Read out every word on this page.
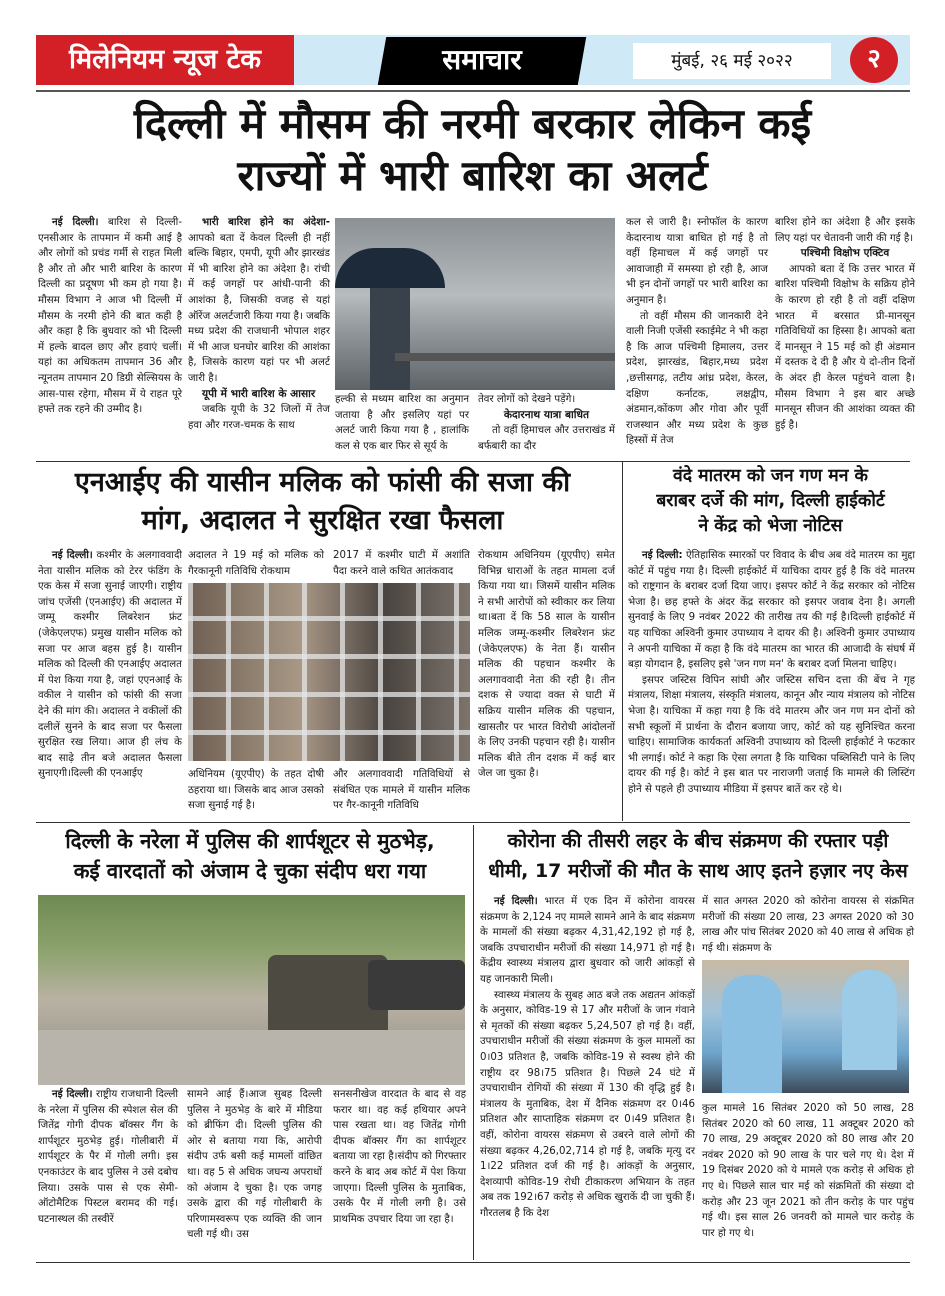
मिलेनियम न्यूज टेक	समाचार	मुंबई, २६ मई २०२२	२
दिल्ली में मौसम की नरमी बरकार लेकिन कई
राज्यों में भारी बारिश का अलर्ट

नई दिल्ली। बारिश से दिल्ली-एनसीआर के तापमान में कमी आई है और लोगों को प्रचंड गर्मी से राहत मिली है और तो और भारी बारिश के कारण दिल्ली का प्रदूषण भी कम हो गया है। मौसम विभाग ने आज भी दिल्ली में मौसम के नरमी होने की बात कही है और कहा है कि बुधवार को भी दिल्ली में हल्के बादल छाए और हवाएं चलीं। यहां का अधिकतम तापमान 36 और न्यूनतम तापमान 20 डिग्री सेल्सियस के आस-पास रहेगा, मौसम में ये राहत पूरे हफ्ते तक रहने की उम्मीद है।

भारी बारिश होने का अंदेशा- आपको बता दें केवल दिल्ली ही नहीं बल्कि बिहार, एमपी, यूपी और झारखंड में भी बारिश होने का अंदेशा है। रांची में कई जगहों पर आंधी-पानी की आशंका है, जिसकी वजह से यहां ऑरेंज अलर्टजारी किया गया है। जबकि मध्य प्रदेश की राजधानी भोपाल शहर में भी आज घनघोर बारिश की आशंका है, जिसके कारण यहां पर भी अलर्ट जारी है।

यूपी में भारी बारिश के आसार

जबकि यूपी के 32 जिलों में तेज हवा और गरज-चमक के साथ

हल्की से मध्यम बारिश का अनुमान जताया है और इसलिए यहां पर अलर्ट जारी किया गया है , हालांकि कल से एक बार फिर से सूर्य के

तेवर लोगों को देखने पड़ेंगे।

केदारनाथ यात्रा बाधित

तो वहीं हिमाचल और उत्तराखंड में बर्फबारी का दौर

कल से जारी है। स्नोफॉल के कारण केदारनाथ यात्रा बाधित हो गई है तो वहीं हिमाचल में कई जगहों पर आवाजाही में समस्या हो रही है, आज भी इन दोनों जगहों पर भारी बारिश का अनुमान है।

तो वहीं मौसम की जानकारी देने वाली निजी एजेंसी स्काईमेट ने भी कहा है कि आज पश्चिमी हिमालय, उत्तर प्रदेश, झारखंड, बिहार,मध्य प्रदेश ,छत्तीसगढ़, तटीय आंध्र प्रदेश, केरल, दक्षिण कर्नाटक, लक्षद्वीप, अंडमान,कोंकण और गोवा और पूर्वी राजस्थान और मध्य प्रदेश के कुछ हिस्सों में तेज

बारिश होने का अंदेशा है और इसके लिए यहां पर चेतावनी जारी की गई है।

पश्चिमी विक्षोभ एक्टिव

आपको बता दें कि उत्तर भारत में बारिश पश्चिमी विक्षोभ के सक्रिय होने के कारण हो रही है तो वहीं दक्षिण भारत में बरसात प्री-मानसून गतिविधियों का हिस्सा है। आपको बता दें मानसून ने 15 मई को ही अंडमान में दस्तक दे दी है और ये दो-तीन दिनों के अंदर ही केरल पहुंचने वाला है। मौसम विभाग ने इस बार अच्छे मानसून सीजन की आशंका व्यक्त की हुई है।

एनआईए की यासीन मलिक को फांसी की सजा की
मांग, अदालत ने सुरक्षित रखा फैसला

नई दिल्ली। कश्मीर के अलगाववादी नेता यासीन मलिक को टेरर फंडिंग के एक केस में सजा सुनाई जाएगी। राष्ट्रीय जांच एजेंसी (एनआईए) की अदालत में जम्मू कश्मीर लिबरेशन फ्रंट (जेकेएलएफ) प्रमुख यासीन मलिक को सजा पर आज बहस हुई है। यासीन मलिक को दिल्ली की एनआईए अदालत में पेश किया गया है, जहां एएनआई के वकील ने यासीन को फांसी की सजा देने की मांग की। अदालत ने वकीलों की दलीलें सुनने के बाद सजा पर फैसला सुरक्षित रख लिया। आज ही लंच के बाद साढ़े तीन बजे अदालत फैसला सुनाएगी।दिल्ली की एनआईए

अदालत ने 19 मई को मलिक को गैरकानूनी गतिविधि रोकथाम

2017 में कश्मीर घाटी में अशांति पैदा करने वाले कथित आतंकवाद

अधिनियम (यूएपीए) के तहत दोषी ठहराया था। जिसके बाद आज उसको सजा सुनाई गई है।

और अलगाववादी गतिविधियों से संबंधित एक मामले में यासीन मलिक पर गैर-कानूनी गतिविधि

रोकथाम अधिनियम (यूएपीए) समेत विभिन्न धाराओं के तहत मामला दर्ज किया गया था। जिसमें यासीन मलिक ने सभी आरोपों को स्वीकार कर लिया था।बता दें कि 58 साल के यासीन मलिक जम्मू-कश्मीर लिबरेशन फ्रंट (जेकेएलएफ) के नेता हैं। यासीन मलिक की पहचान कश्मीर के अलगाववादी नेता की रही है। तीन दशक से ज्यादा वक्त से घाटी में सक्रिय यासीन मलिक की पहचान, खासतौर पर भारत विरोधी आंदोलनों के लिए उनकी पहचान रही है। यासीन मलिक बीते तीन दशक में कई बार जेल जा चुका है।

वंदे मातरम को जन गण मन के
बराबर दर्जे की मांग, दिल्ली हाईकोर्ट
ने केंद्र को भेजा नोटिस

नई दिल्ली: ऐतिहासिक स्मारकों पर विवाद के बीच अब वंदे मातरम का मुद्दा कोर्ट में पहुंच गया है। दिल्ली हाईकोर्ट में याचिका दायर हुई है कि वंदे मातरम को राष्ट्रगान के बराबर दर्जा दिया जाए। इसपर कोर्ट ने केंद्र सरकार को नोटिस भेजा है। छह हफ्ते के अंदर केंद्र सरकार को इसपर जवाब देना है। अगली सुनवाई के लिए 9 नवंबर 2022 की तारीख तय की गई है।दिल्ली हाईकोर्ट में यह याचिका अश्विनी कुमार उपाध्याय ने दायर की है। अश्विनी कुमार उपाध्याय ने अपनी याचिका में कहा है कि वंदे मातरम का भारत की आजादी के संघर्ष में बड़ा योगदान है, इसलिए इसे 'जन गण मन' के बराबर दर्जा मिलना चाहिए।

इसपर जस्टिस विपिन सांघी और जस्टिस सचिन दत्ता की बेंच ने गृह मंत्रालय, शिक्षा मंत्रालय, संस्कृति मंत्रालय, कानून और न्याय मंत्रालय को नोटिस भेजा है। याचिका में कहा गया है कि वंदे मातरम और जन गण मन दोनों को सभी स्कूलों में प्रार्थना के दौरान बजाया जाए, कोर्ट को यह सुनिश्चित करना चाहिए। सामाजिक कार्यकर्ता अश्विनी उपाध्याय को दिल्ली हाईकोर्ट ने फटकार भी लगाई। कोर्ट ने कहा कि ऐसा लगता है कि याचिका पब्लिसिटी पाने के लिए दायर की गई है। कोर्ट ने इस बात पर नाराजगी जताई कि मामले की लिस्टिंग होने से पहले ही उपाध्याय मीडिया में इसपर बातें कर रहे थे।

दिल्ली के नरेला में पुलिस की शार्पशूटर से मुठभेड़,
कई वारदातों को अंजाम दे चुका संदीप धरा गया

नई दिल्ली। राष्ट्रीय राजधानी दिल्ली के नरेला में पुलिस की स्पेशल सेल की जितेंद्र गोगी दीपक बॉक्सर गैंग के शार्पशूटर मुठभेड़ हुई। गोलीबारी में शार्पशूटर के पैर में गोली लगी। इस एनकाउंटर के बाद पुलिस ने उसे दबोच लिया। उसके पास से एक सेमी-ऑटोमैटिक पिस्टल बरामद की गई। घटनास्थल की तस्वीरें

सामने आई हैं।आज सुबह दिल्ली पुलिस ने मुठभेड़ के बारे में मीडिया को ब्रीफिंग दी। दिल्ली पुलिस की ओर से बताया गया कि, आरोपी संदीप उर्फ बसी कई मामलों वांछित था। वह 5 से अधिक जघन्य अपराधों को अंजाम दे चुका है। एक जगह उसके द्वारा की गई गोलीबारी के परिणामस्वरूप एक व्यक्ति की जान चली गई थी। उस

सनसनीखेज वारदात के बाद से वह फरार था। वह कई हथियार अपने पास रखता था। वह जितेंद्र गोगी दीपक बॉक्सर गैंग का शार्पशूटर बताया जा रहा है।संदीप को गिरफ्तार करने के बाद अब कोर्ट में पेश किया जाएगा। दिल्ली पुलिस के मुताबिक, उसके पैर में गोली लगी है। उसे प्राथमिक उपचार दिया जा रहा है।

कोरोना की तीसरी लहर के बीच संक्रमण की रफ्तार पड़ी
धीमी, 17 मरीजों की मौत के साथ आए इतने हज़ार नए केस

नई दिल्ली। भारत में एक दिन में कोरोना वायरस संक्रमण के 2,124 नए मामले सामने आने के बाद संक्रमण के मामलों की संख्या बढ़कर 4,31,42,192 हो गई है, जबकि उपचाराधीन मरीजों की संख्या 14,971 हो गई है। केंद्रीय स्वास्थ्य मंत्रालय द्वारा बुधवार को जारी आंकड़ों से यह जानकारी मिली।

स्वास्थ्य मंत्रालय के सुबह आठ बजे तक अद्यतन आंकड़ों के अनुसार, कोविड-19 से 17 और मरीजों के जान गंवाने से मृतकों की संख्या बढ़कर 5,24,507 हो गई है। वहीं, उपचाराधीन मरीजों की संख्या संक्रमण के कुल मामलों का 0।03 प्रतिशत है, जबकि कोविड-19 से स्वस्थ होने की राष्ट्रीय दर 98।75 प्रतिशत है। पिछले 24 घंटे में उपचाराधीन रोगियों की संख्या में 130 की वृद्धि हुई है। मंत्रालय के मुताबिक, देश में दैनिक संक्रमण दर 0।46 प्रतिशत और साप्ताहिक संक्रमण दर 0।49 प्रतिशत है। वहीं, कोरोना वायरस संक्रमण से उबरने वाले लोगों की संख्या बढ़कर 4,26,02,714 हो गई है, जबकि मृत्यु दर 1।22 प्रतिशत दर्ज की गई है। आंकड़ों के अनुसार, देशव्यापी कोविड-19 रोधी टीकाकरण अभियान के तहत अब तक 192।67 करोड़ से अधिक खुराकें दी जा चुकी हैं।गौरतलब है कि देश

में सात अगस्त 2020 को कोरोना वायरस से संक्रमित मरीजों की संख्या 20 लाख, 23 अगस्त 2020 को 30 लाख और पांच सितंबर 2020 को 40 लाख से अधिक हो गई थी। संक्रमण के

कुल मामले 16 सितंबर 2020 को 50 लाख, 28 सितंबर 2020 को 60 लाख, 11 अक्टूबर 2020 को 70 लाख, 29 अक्टूबर 2020 को 80 लाख और 20 नवंबर 2020 को 90 लाख के पार चले गए थे। देश में 19 दिसंबर 2020 को ये मामले एक करोड़ से अधिक हो गए थे। पिछले साल चार मई को संक्रमितों की संख्या दो करोड़ और 23 जून 2021 को तीन करोड़ के पार पहुंच गई थी। इस साल 26 जनवरी को मामले चार करोड़ के पार हो गए थे।
